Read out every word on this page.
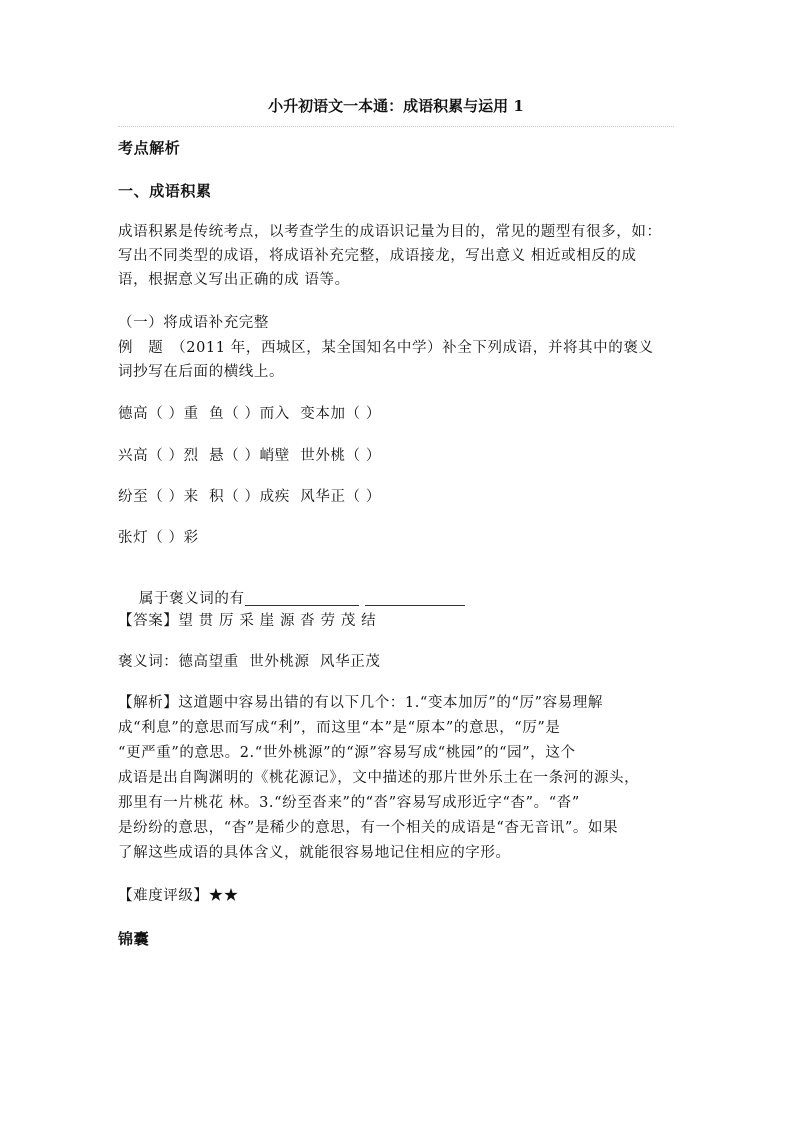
小升初语文一本通：成语积累与运用 1
考点解析
一、成语积累
成语积累是传统考点，以考查学生的成语识记量为目的，常见的题型有很多，如：
写出不同类型的成语，将成语补充完整，成语接龙，写出意义 相近或相反的成
语，根据意义写出正确的成 语等。
（一）将成语补充完整
例　题　（2011 年，西城区，某全国知名中学）补全下列成语，并将其中的褒义
词抄写在后面的横线上。
德高（ ）重  鱼（ ）而入  变本加（ ）
兴高（ ）烈  悬（ ）峭壁  世外桃（ ）
纷至（ ）来  积（ ）成疾  风华正（ ）
张灯（ ）彩

属于褒义词的有

【答案】望 贯 厉 采 崖 源 沓 劳 茂 结
褒义词：德高望重  世外桃源  风华正茂
【解析】这道题中容易出错的有以下几个：1.“变本加厉”的“厉”容易理解
成“利息”的意思而写成“利”，而这里“本”是“原本”的意思，“厉”是
“更严重”的意思。2.“世外桃源”的“源”容易写成“桃园”的“园”，这个
成语是出自陶渊明的《桃花源记》，文中描述的那片世外乐土在一条河的源头，
那里有一片桃花 林。3.“纷至沓来”的“沓”容易写成形近字“杳”。“沓”
是纷纷的意思，“杳”是稀少的意思，有一个相关的成语是“杳无音讯”。如果
了解这些成语的具体含义，就能很容易地记住相应的字形。
【难度评级】★★
锦囊
